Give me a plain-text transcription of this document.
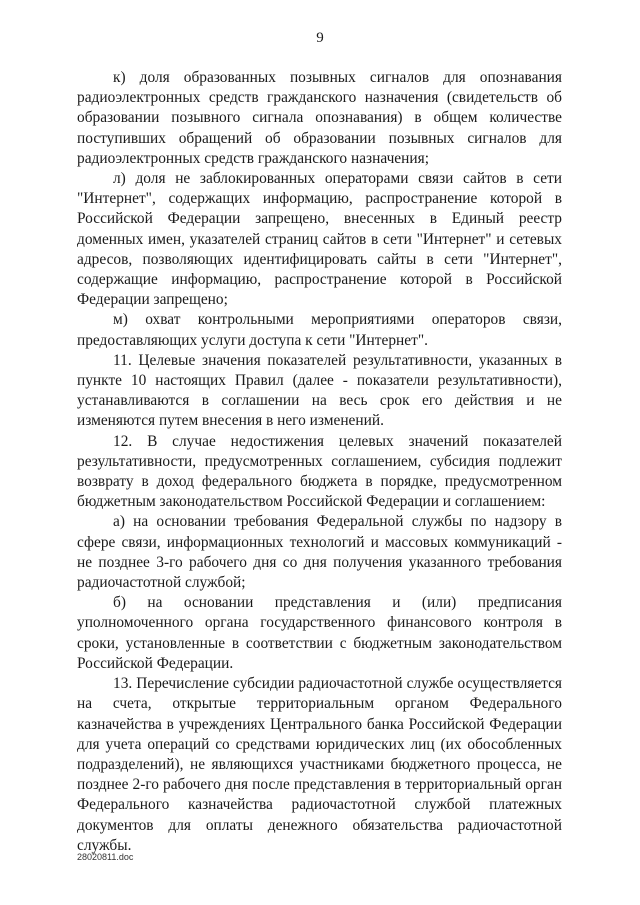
9

к) доля образованных позывных сигналов для опознавания радиоэлектронных средств гражданского назначения (свидетельств об образовании позывного сигнала опознавания) в общем количестве поступивших обращений об образовании позывных сигналов для радиоэлектронных средств гражданского назначения;

л) доля не заблокированных операторами связи сайтов в сети "Интернет", содержащих информацию, распространение которой в Российской Федерации запрещено, внесенных в Единый реестр доменных имен, указателей страниц сайтов в сети "Интернет" и сетевых адресов, позволяющих идентифицировать сайты в сети "Интернет", содержащие информацию, распространение которой в Российской Федерации запрещено;

м) охват контрольными мероприятиями операторов связи, предоставляющих услуги доступа к сети "Интернет".

11. Целевые значения показателей результативности, указанных в пункте 10 настоящих Правил (далее - показатели результативности), устанавливаются в соглашении на весь срок его действия и не изменяются путем внесения в него изменений.

12. В случае недостижения целевых значений показателей результативности, предусмотренных соглашением, субсидия подлежит возврату в доход федерального бюджета в порядке, предусмотренном бюджетным законодательством Российской Федерации и соглашением:

а) на основании требования Федеральной службы по надзору в сфере связи, информационных технологий и массовых коммуникаций - не позднее 3-го рабочего дня со дня получения указанного требования радиочастотной службой;

б) на основании представления и (или) предписания уполномоченного органа государственного финансового контроля в сроки, установленные в соответствии с бюджетным законодательством Российской Федерации.

13. Перечисление субсидии радиочастотной службе осуществляется на счета, открытые территориальным органом Федерального казначейства в учреждениях Центрального банка Российской Федерации для учета операций со средствами юридических лиц (их обособленных подразделений), не являющихся участниками бюджетного процесса, не позднее 2-го рабочего дня после представления в территориальный орган Федерального казначейства радиочастотной службой платежных документов для оплаты денежного обязательства радиочастотной службы.

28020811.doc
